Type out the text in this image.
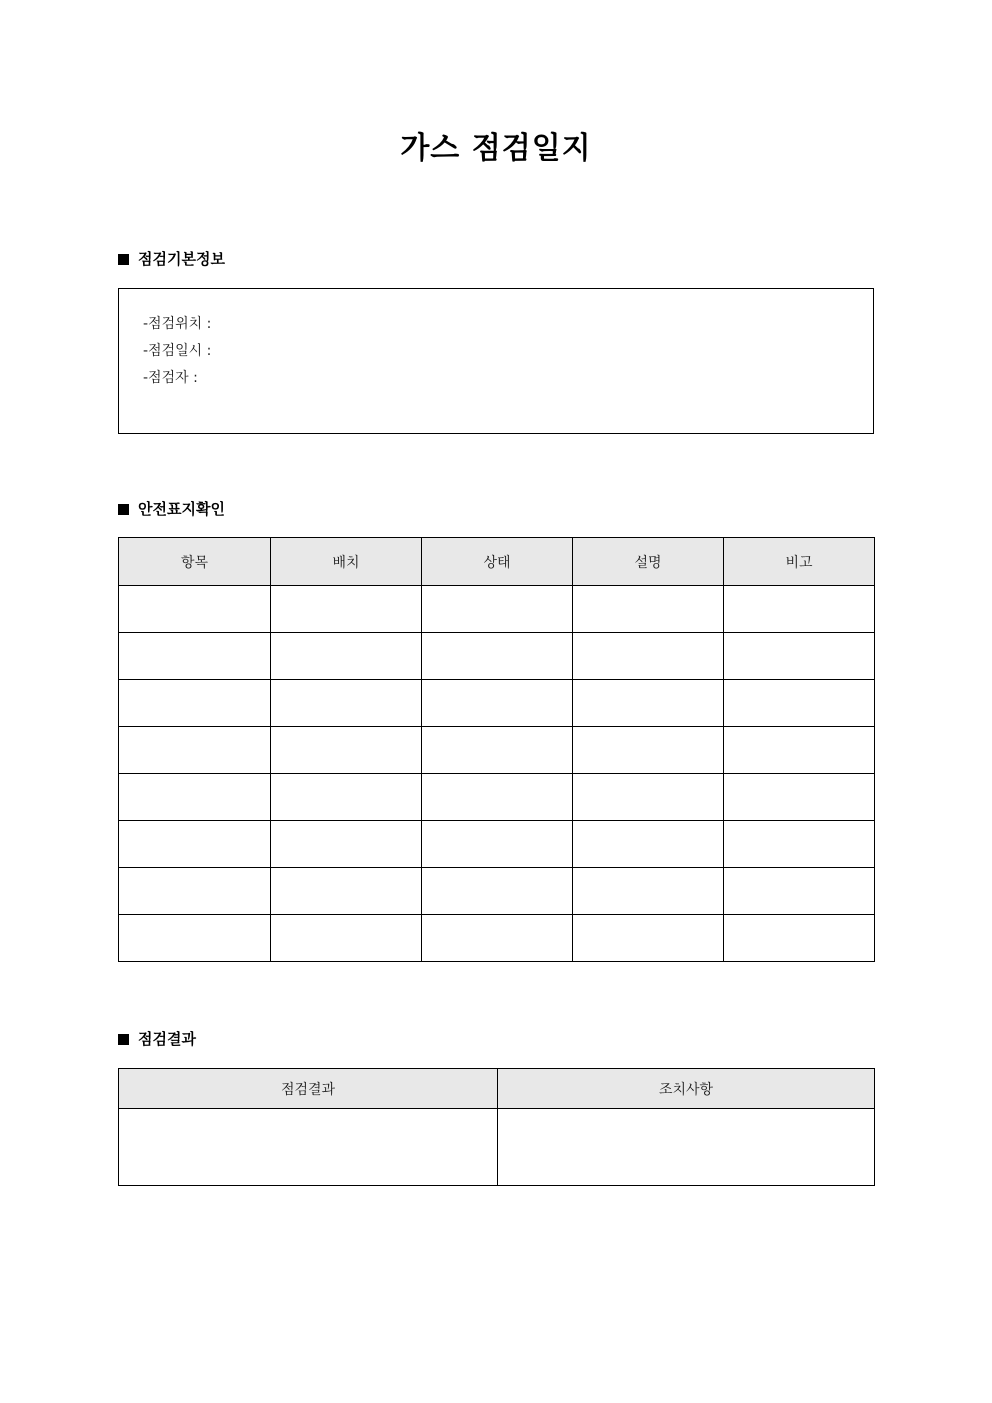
가스 점검일지
점검기본정보
-점검위치 :
-점검일시 :
-점검자 :
안전표지확인
항목	배치	상태	설명	비고

점검결과
점검결과	조치사항
